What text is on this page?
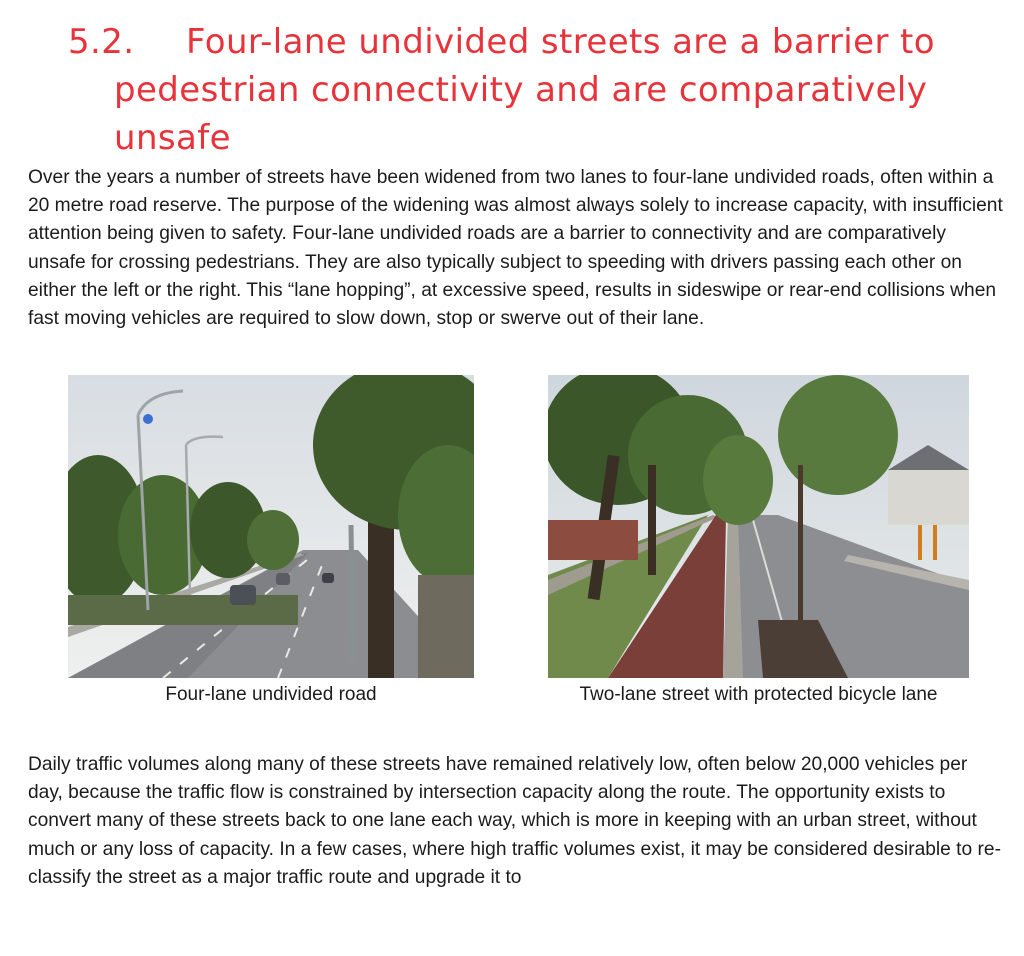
5.2.	Four-lane undivided streets are a barrier to
pedestrian connectivity and are comparatively
unsafe

Over the years a number of streets have been widened from two lanes to four-lane undivided roads, often within a 20 metre road reserve. The purpose of the widening was almost always solely to increase capacity, with insufficient attention being given to safety. Four-lane undivided roads are a barrier to connectivity and are comparatively unsafe for crossing pedestrians. They are also typically subject to speeding with drivers passing each other on either the left or the right. This “lane hopping”, at excessive speed, results in sideswipe or rear-end collisions when fast moving vehicles are required to slow down, stop or swerve out of their lane.

Four-lane undivided road	Two-lane street with protected bicycle lane

Daily traffic volumes along many of these streets have remained relatively low, often below 20,000 vehicles per day, because the traffic flow is constrained by intersection capacity along the route. The opportunity exists to convert many of these streets back to one lane each way, which is more in keeping with an urban street, without much or any loss of capacity. In a few cases, where high traffic volumes exist, it may be considered desirable to re-classify the street as a major traffic route and upgrade it to
